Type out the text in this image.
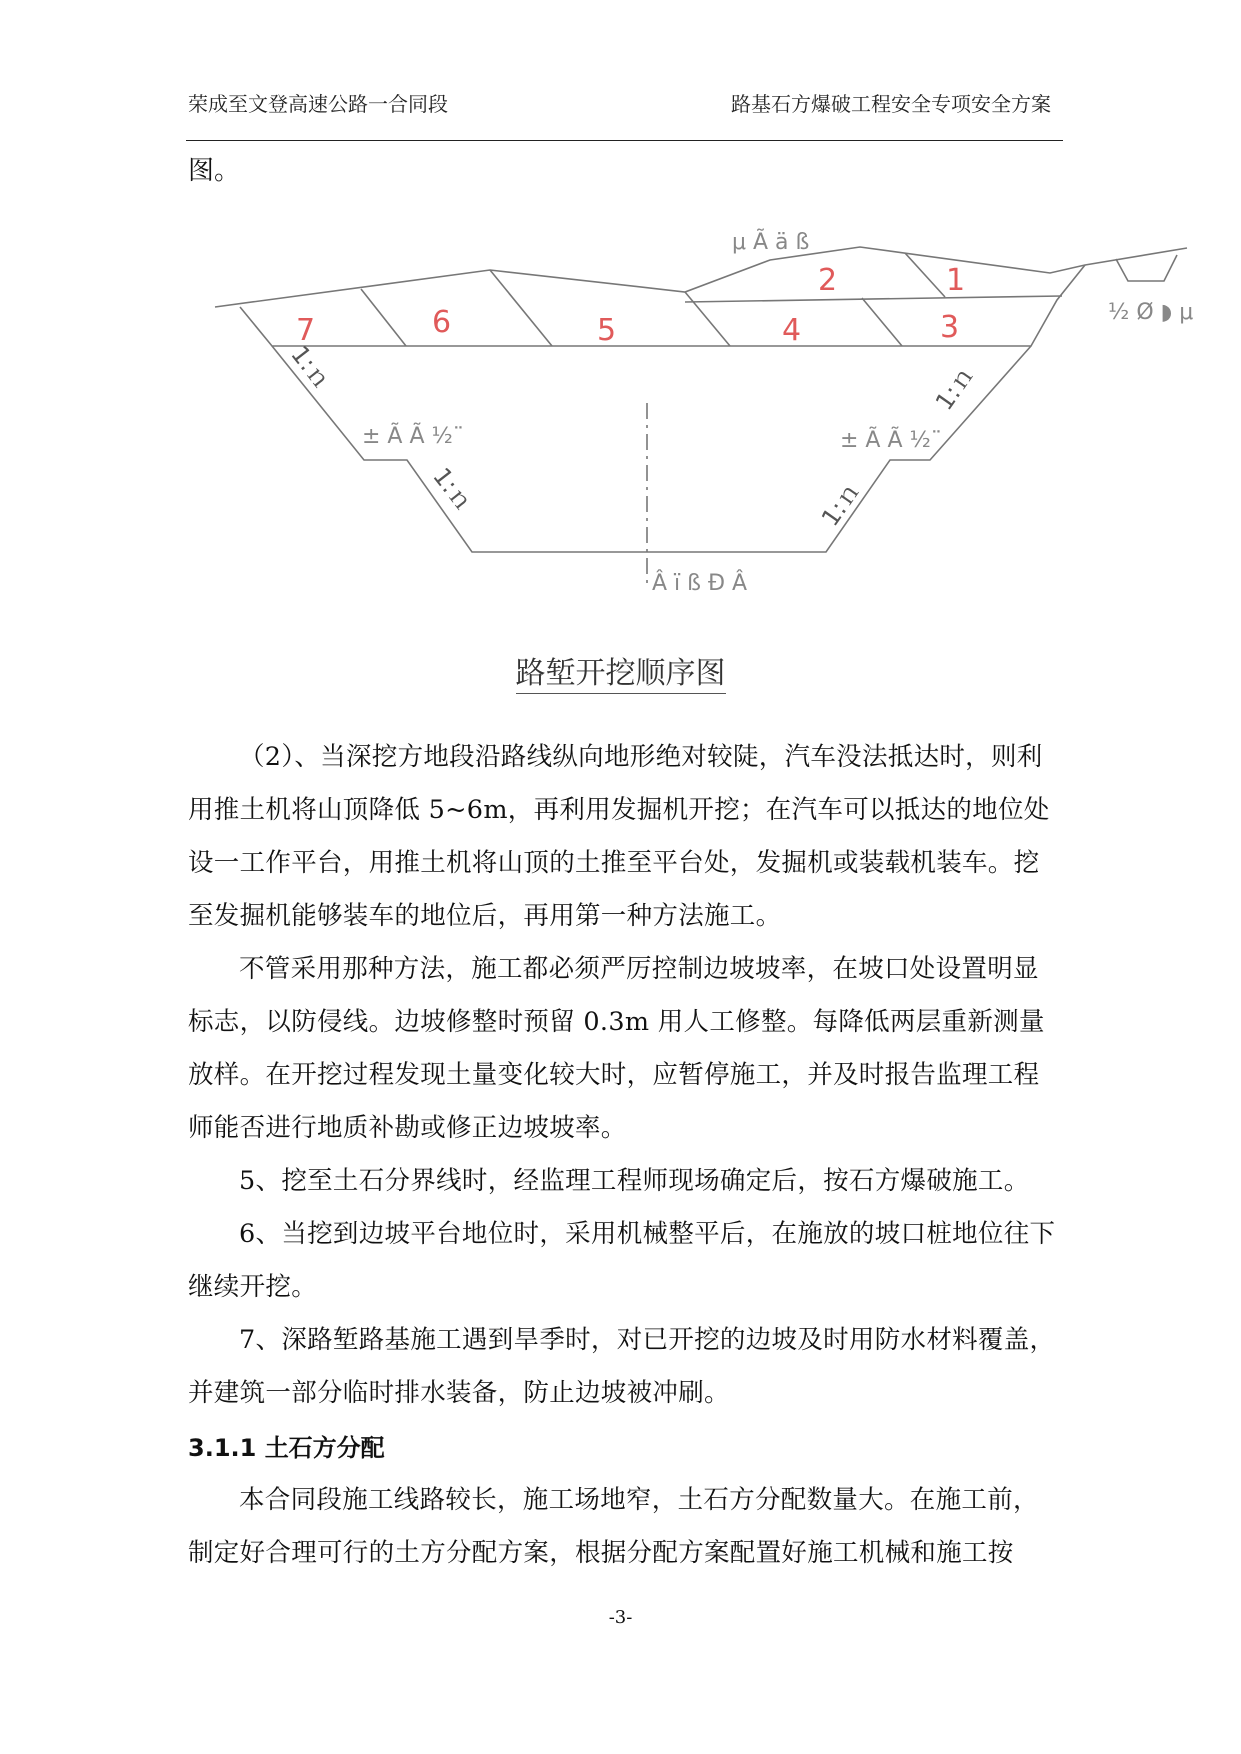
荣成至文登高速公路一合同段	路基石方爆破工程安全专项安全方案
图。
7	6	5	4	3
2	1
1:ｎ
1:ｎ
1:ｎ
1:ｎ
μ Ã ä ß
½ Ø ◗ μ
± Ã Ã ½¨	± Ã Ã ½¨
Â ï ß Ð Â
路堑开挖顺序图

（2）、当深挖方地段沿路线纵向地形绝对较陡，汽车没法抵达时，则利用推土机将山顶降低 5~6m，再利用发掘机开挖；在汽车可以抵达的地位处设一工作平台，用推土机将山顶的土推至平台处，发掘机或装载机装车。挖至发掘机能够装车的地位后，再用第一种方法施工。

不管采用那种方法，施工都必须严厉控制边坡坡率，在坡口处设置明显标志，以防侵线。边坡修整时预留 0.3m 用人工修整。每降低两层重新测量放样。在开挖过程发现土量变化较大时，应暂停施工，并及时报告监理工程师能否进行地质补勘或修正边坡坡率。

5、挖至土石分界线时，经监理工程师现场确定后，按石方爆破施工。

6、当挖到边坡平台地位时，采用机械整平后，在施放的坡口桩地位往下继续开挖。

7、深路堑路基施工遇到旱季时，对已开挖的边坡及时用防水材料覆盖，并建筑一部分临时排水装备，防止边坡被冲刷。

3.1.1 土石方分配

本合同段施工线路较长，施工场地窄，土石方分配数量大。在施工前，制定好合理可行的土方分配方案，根据分配方案配置好施工机械和施工按

-3-
